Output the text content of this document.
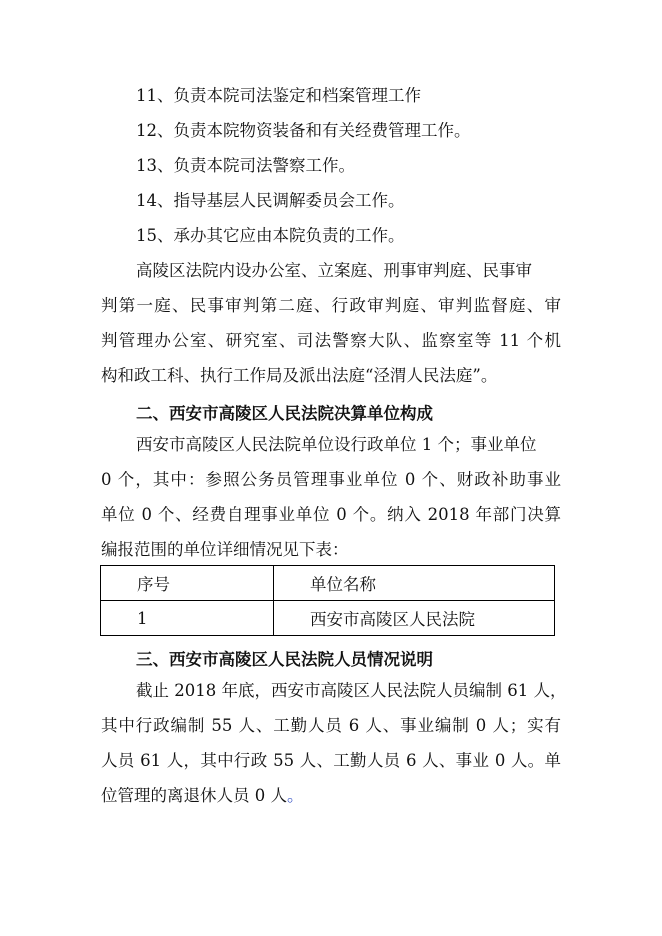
11、负责本院司法鉴定和档案管理工作
12、负责本院物资装备和有关经费管理工作。
13、负责本院司法警察工作。
14、指导基层人民调解委员会工作。
15、承办其它应由本院负责的工作。
高陵区法院内设办公室、立案庭、刑事审判庭、民事审
判第一庭、民事审判第二庭、行政审判庭、审判监督庭、审
判管理办公室、研究室、司法警察大队、监察室等 11 个机
构和政工科、执行工作局及派出法庭“泾渭人民法庭”。
二、西安市高陵区人民法院决算单位构成
西安市高陵区人民法院单位设行政单位 1 个；事业单位
0 个，其中：参照公务员管理事业单位 0 个、财政补助事业
单位 0 个、经费自理事业单位 0 个。纳入 2018 年部门决算
编报范围的单位详细情况见下表：
序号	单位名称
1	西安市高陵区人民法院
三、西安市高陵区人民法院人员情况说明
截止 2018 年底，西安市高陵区人民法院人员编制 61 人，
其中行政编制 55 人、工勤人员 6 人、事业编制 0 人；实有
人员 61 人，其中行政 55 人、工勤人员 6 人、事业 0 人。单
位管理的离退休人员 0 人。
